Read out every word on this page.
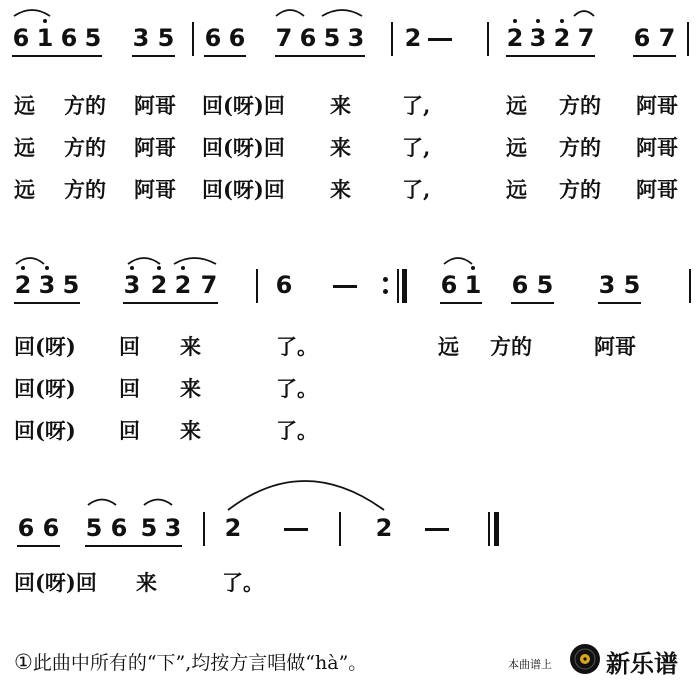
6 1 6 5 3 5 6 6 7 6 5 3 2	2 3 2 7 6 7
远 方的 阿哥 回(呀)回 来 了,	远 方的 阿哥
远 方的 阿哥 回(呀)回 来 了,	远 方的 阿哥
远 方的 阿哥 回(呀)回 来 了,	远 方的 阿哥
2 3 5 3 2 2 7 6	6 1 6 5 3 5
回(呀) 回 来	了。	远 方的	阿哥
回(呀) 回 来	了。
回(呀) 回 来	了。
6 6 5 6 5 3 2	2
回(呀)回 来	了。
①此曲中所有的“下”,均按方言唱做“hà”。	本曲谱上 新乐谱
